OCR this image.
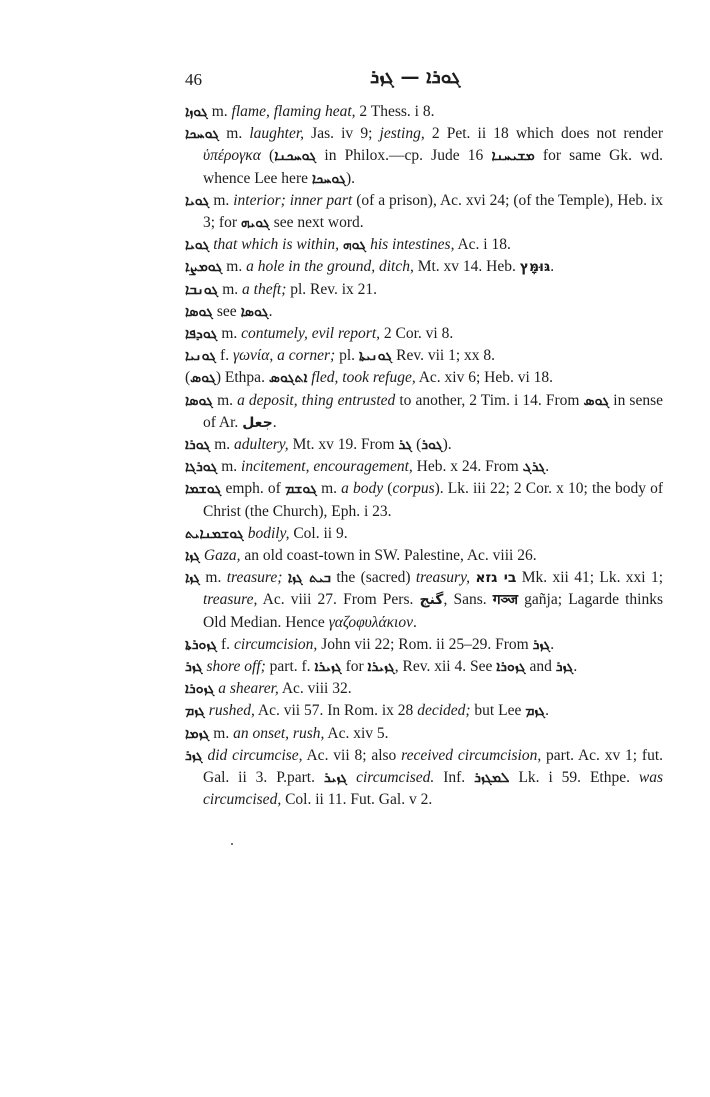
46	ܓܘܪܐ — ܓܙܪ

ܓܘܙܐ m. flame, flaming heat, 2 Thess. i 8.

ܓܘܚܟܐ m. laughter, Jas. iv 9; jesting, 2 Pet. ii 18 which does not render ὑπέρογκα (ܓܘܚܟܢܐ in Philox.—cp. Jude 16 ܡܫܝܚܢܐ for same Gk. wd. whence Lee here ܓܘܚܟܐ).

ܓܘܝܐ m. interior; inner part (of a prison), Ac. xvi 24; (of the Temple), Heb. ix 3; for ܓܘܝܗ see next word.

ܓܘܝܐ that which is within, ܓܘܗ his intestines, Ac. i 18.

ܓܘܡܨܐ m. a hole in the ground, ditch, Mt. xv 14. Heb. גּוּמָּץ.

ܓܘܢܒܐ m. a theft; pl. Rev. ix 21.

ܓܘܣܐ see ܓܘܣܐ.

ܓܘܕܦܐ m. contumely, evil report, 2 Cor. vi 8.

ܓܘܢܝܐ f. γωνία, a corner; pl. ܓܘܢܝܬܐ Rev. vii 1; xx 8.

(ܓܘܣ) Ethpa. ܐܬܓܘܣ fled, took refuge, Ac. xiv 6; Heb. vi 18.

ܓܘܣܐ m. a deposit, thing entrusted to another, 2 Tim. i 14. From ܓܘܣ in sense of Ar. جعل.

ܓܘܪܐ m. adultery, Mt. xv 19. From ܓܪ (ܓܘܪ).

ܓܘܪܓܐ m. incitement, encouragement, Heb. x 24. From ܓܪܓ.

ܓܘܫܡܐ emph. of ܓܘܫܡ m. a body (corpus). Lk. iii 22; 2 Cor. x 10; the body of Christ (the Church), Eph. i 23.

ܓܘܫܡܢܐܝܬ bodily, Col. ii 9.

ܓܙܐ Gaza, an old coast-town in SW. Palestine, Ac. viii 26.

ܓܙܐ m. treasure; ܒܝܬ ܓܙܐ the (sacred) treasury, בי גזא Mk. xii 41; Lk. xxi 1; treasure, Ac. viii 27. From Pers. گنج, Sans. गञ्ज gañja; Lagarde thinks Old Median. Hence γαζοφυλάκιον.

ܓܙܘܪܬܐ f. circumcision, John vii 22; Rom. ii 25–29. From ܓܙܪ.

ܓܙܪ shore off; part. f. ܓܙܝܪܐ for ܓܙܝܪܐ, Rev. xii 4. See ܓܙܘܪܐ and ܓܙܪ.

ܓܙܘܪܐ a shearer, Ac. viii 32.

ܓܙܡ rushed, Ac. vii 57. In Rom. ix 28 decided; but Lee ܓܙܡ.

ܓܙܡܐ m. an onset, rush, Ac. xiv 5.

ܓܙܪ did circumcise, Ac. vii 8; also received circumcision, part. Ac. xv 1; fut. Gal. ii 3. P.part. ܓܙܝܪ circumcised. Inf. ܠܡܓܙܪ Lk. i 59. Ethpe. was circumcised, Col. ii 11. Fut. Gal. v 2.
